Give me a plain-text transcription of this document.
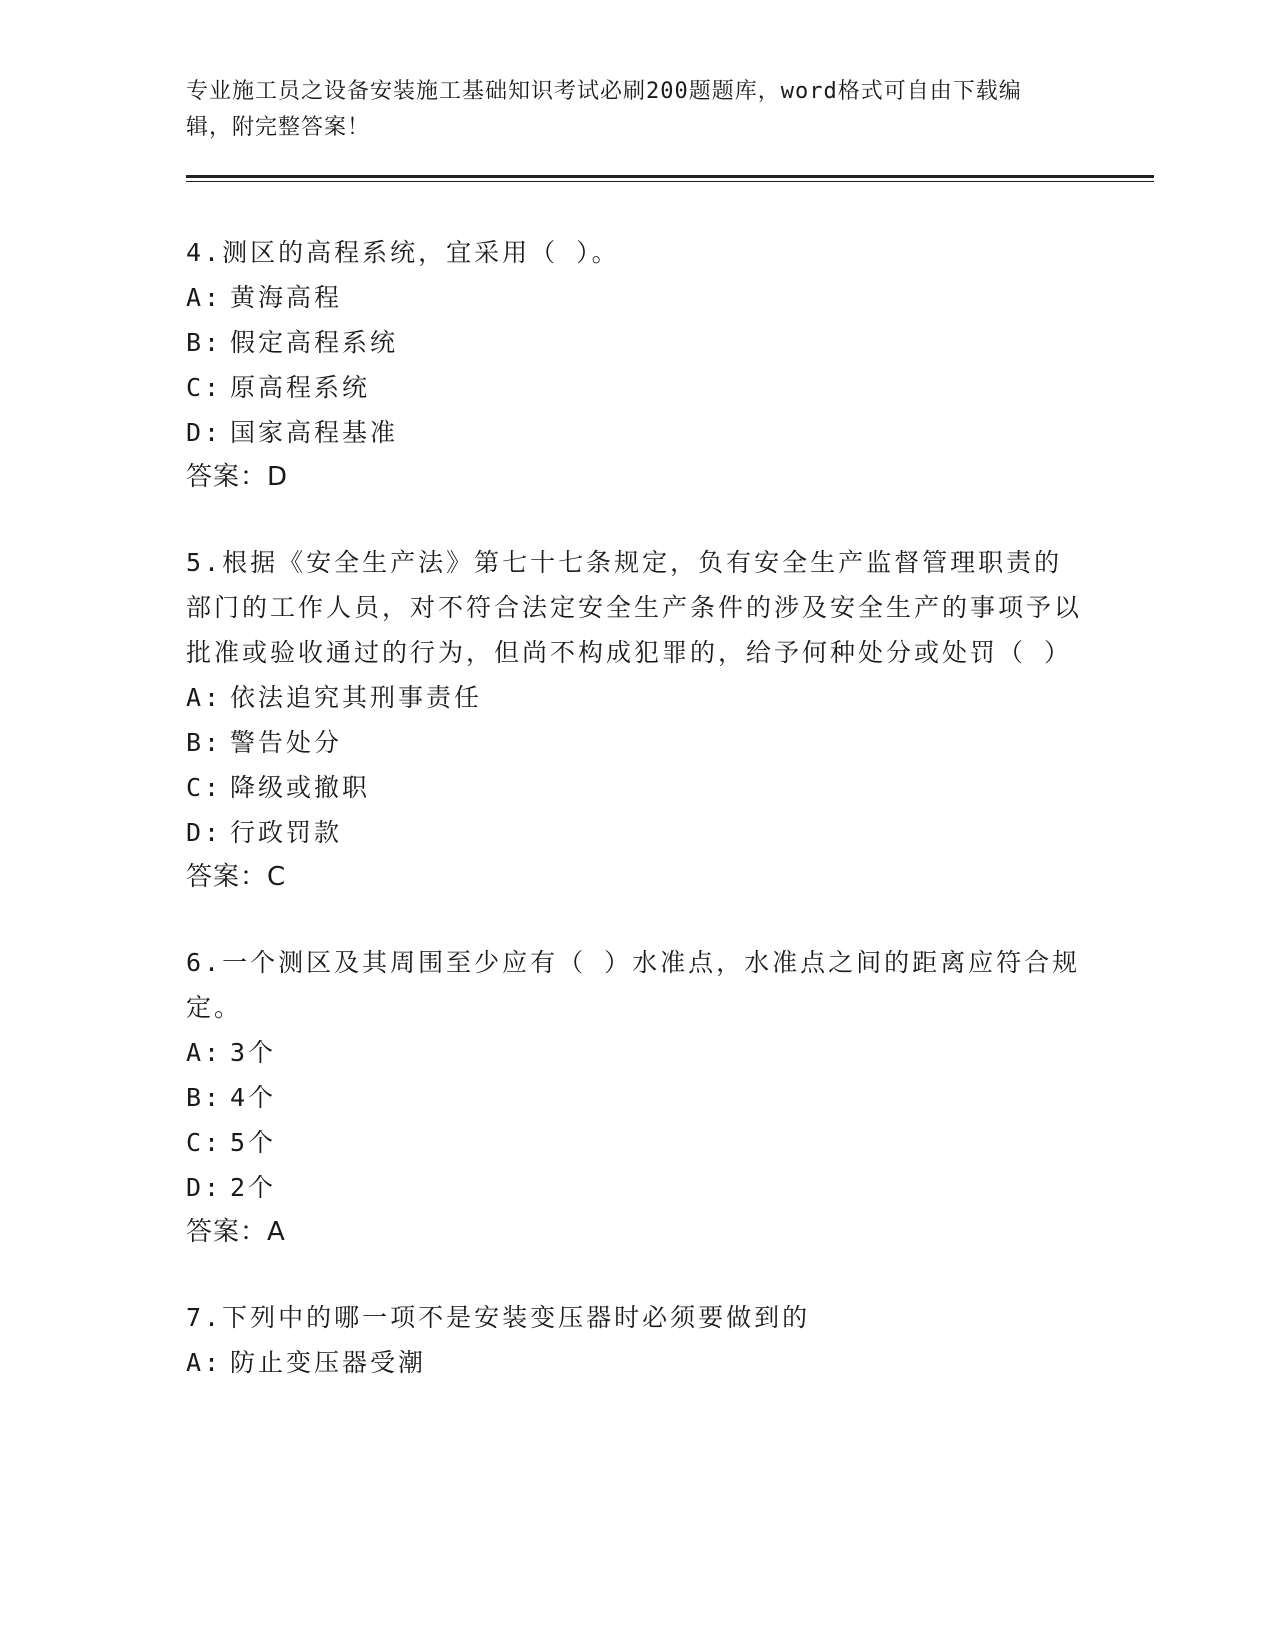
专业施工员之设备安装施工基础知识考试必刷200题题库，word格式可自由下载编辑，附完整答案！
4.测区的高程系统，宜采用（ ）。
A: 黄海高程
B: 假定高程系统
C: 原高程系统
D: 国家高程基准
答案：D
5.根据《安全生产法》第七十七条规定，负有安全生产监督管理职责的部门的工作人员，对不符合法定安全生产条件的涉及安全生产的事项予以批准或验收通过的行为，但尚不构成犯罪的，给予何种处分或处罚（ ）
A: 依法追究其刑事责任
B: 警告处分
C: 降级或撤职
D: 行政罚款
答案：C
6.一个测区及其周围至少应有（ ）水准点，水准点之间的距离应符合规定。
A: 3个
B: 4个
C: 5个
D: 2个
答案：A
7.下列中的哪一项不是安装变压器时必须要做到的
A: 防止变压器受潮
